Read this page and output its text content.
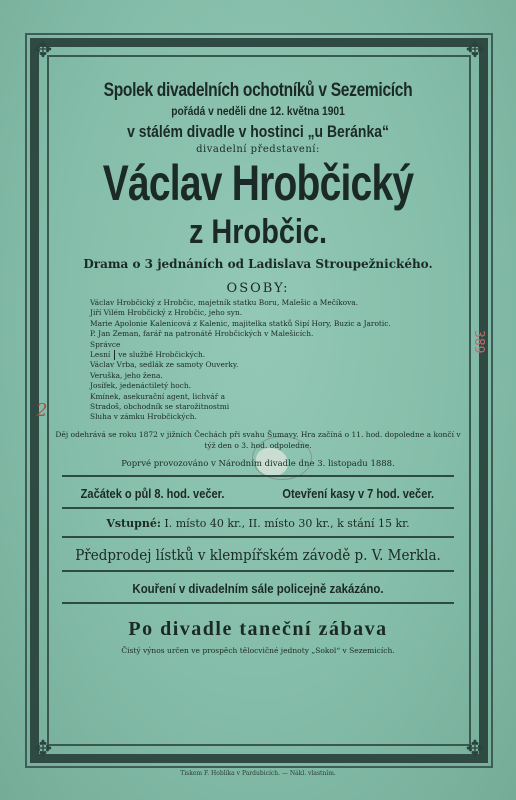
✥	✥
✥	✥
2
389
Spolek divadelních ochotníků v Sezemicích
pořádá v neděli dne 12. května 1901
v stálém divadle v hostinci „u Beránka“
divadelní představení:
Václav Hrobčický
z Hrobčic.
Drama o 3 jednáních od Ladislava Stroupežnického.
OSOBY:
Václav Hrobčický z Hrobčic, majetník statku Boru, Malešic a Mečíkova.
Jiří Vilém Hrobčický z Hrobčic, jeho syn.
Marie Apolonie Kalenicová z Kalenic, majitelka statků Sipí Hory, Buzic a Jarotic.
P. Jan Zeman, farář na patronátě Hrobčických v Malešicích.
Správce
Lesní ve službě Hrobčických.
Václav Vrba, sedlák ze samoty Ouverky.
Veruška, jeho žena.
Josífek, jedenáctiletý hoch.
Kmínek, asekurační agent, lichvář a
Stradoš, obchodník se starožitnostmi
Sluha v zámku Hrobčických.
Děj odehrává se roku 1872 v jižních Čechách při svahu Šumavy. Hra začíná o 11. hod. dopoledne a končí v týž den o 3. hod. odpoledne.
Poprvé provozováno v Národním divadle dne 3. listopadu 1888.
Začátek o půl 8. hod. večer.	Otevření kasy v 7 hod. večer.
Vstupné: I. místo 40 kr., II. místo 30 kr., k stání 15 kr.
Předprodej lístků v klempířském závodě p. V. Merkla.
Kouření v divadelním sále policejně zakázáno.
Po divadle taneční zábava
Čistý výnos určen ve prospěch tělocvičné jednoty „Sokol“ v Sezemicích.
Tiskem F. Hoblíka v Pardubicích. — Nákl. vlastním.
